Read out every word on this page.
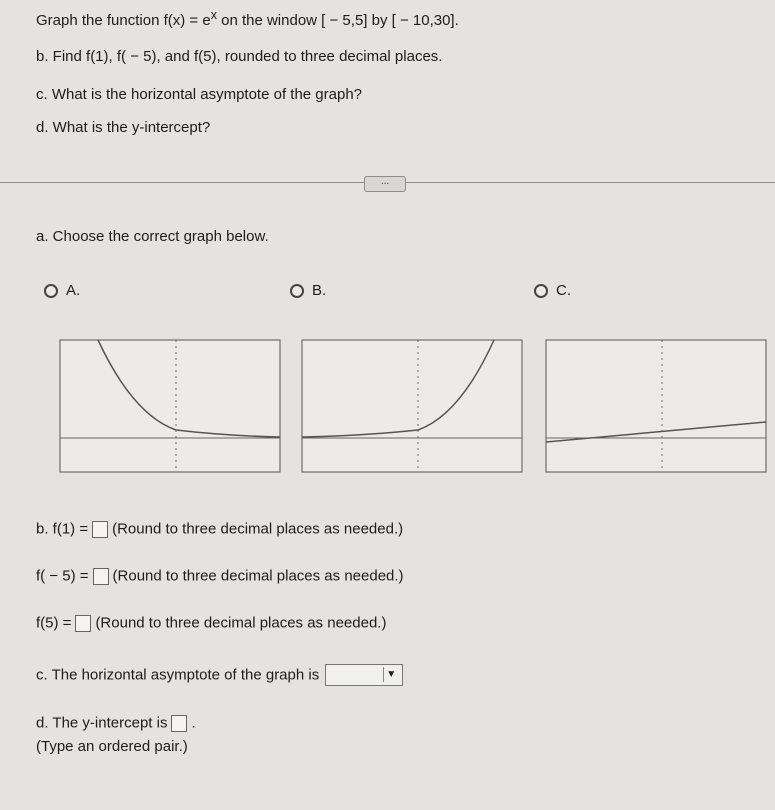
Graph the function $f(x) = e^x$ on the window [ − 5,5] by [ − 10,30].
b. Find f(1), f( − 5), and f(5), rounded to three decimal places.
c. What is the horizontal asymptote of the graph?
d. What is the y-intercept?
...
a. Choose the correct graph below.
A.	B.	C.
b. f(1) = (Round to three decimal places as needed.)
f( − 5) = (Round to three decimal places as needed.)
f(5) = (Round to three decimal places as needed.)
c. The horizontal asymptote of the graph is	▼
d. The y-intercept is .
(Type an ordered pair.)
